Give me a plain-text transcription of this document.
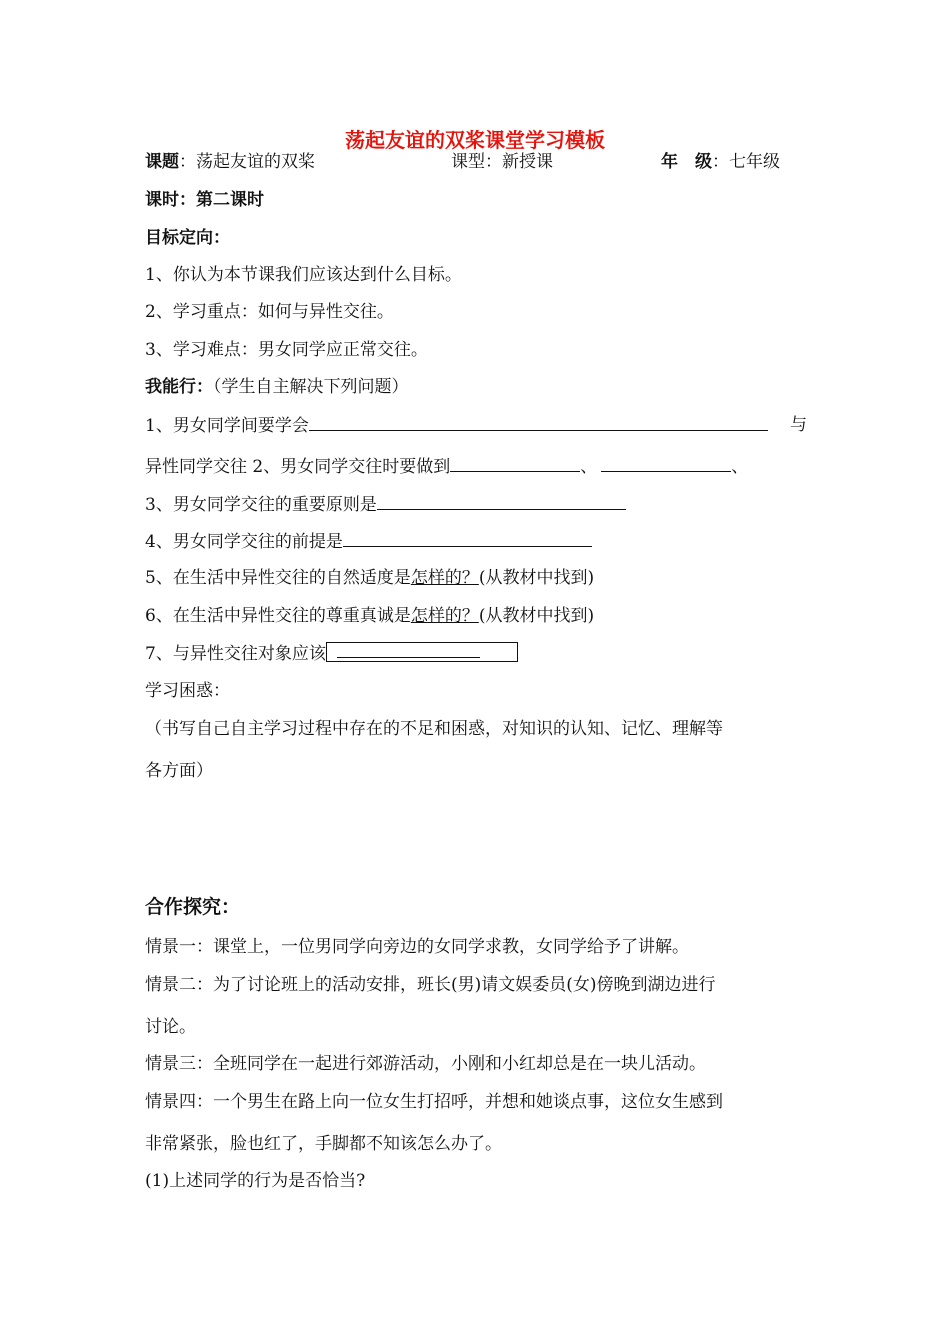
荡起友谊的双桨课堂学习模板
课题：荡起友谊的双桨	课型：新授课	年　级：七年级
课时：第二课时
目标定向：
1、你认为本节课我们应该达到什么目标。
2、学习重点：如何与异性交往。
3、学习难点：男女同学应正常交往。
我能行：（学生自主解决下列问题）
1、男女同学间要学会	与
异性同学交往 2、男女同学交往时要做到	、	、
3、男女同学交往的重要原则是
4、男女同学交往的前提是
5、在生活中异性交往的自然适度是怎样的？(从教材中找到)
6、在生活中异性交往的尊重真诚是怎样的？(从教材中找到)
7、与异性交往对象应该
学习困惑：
（书写自己自主学习过程中存在的不足和困惑，对知识的认知、记忆、理解等
各方面）
合作探究：
情景一：课堂上，一位男同学向旁边的女同学求教，女同学给予了讲解。
情景二：为了讨论班上的活动安排，班长(男)请文娱委员(女)傍晚到湖边进行
讨论。
情景三：全班同学在一起进行郊游活动，小刚和小红却总是在一块儿活动。
情景四：一个男生在路上向一位女生打招呼，并想和她谈点事，这位女生感到
非常紧张，脸也红了，手脚都不知该怎么办了。
(1)上述同学的行为是否恰当?
